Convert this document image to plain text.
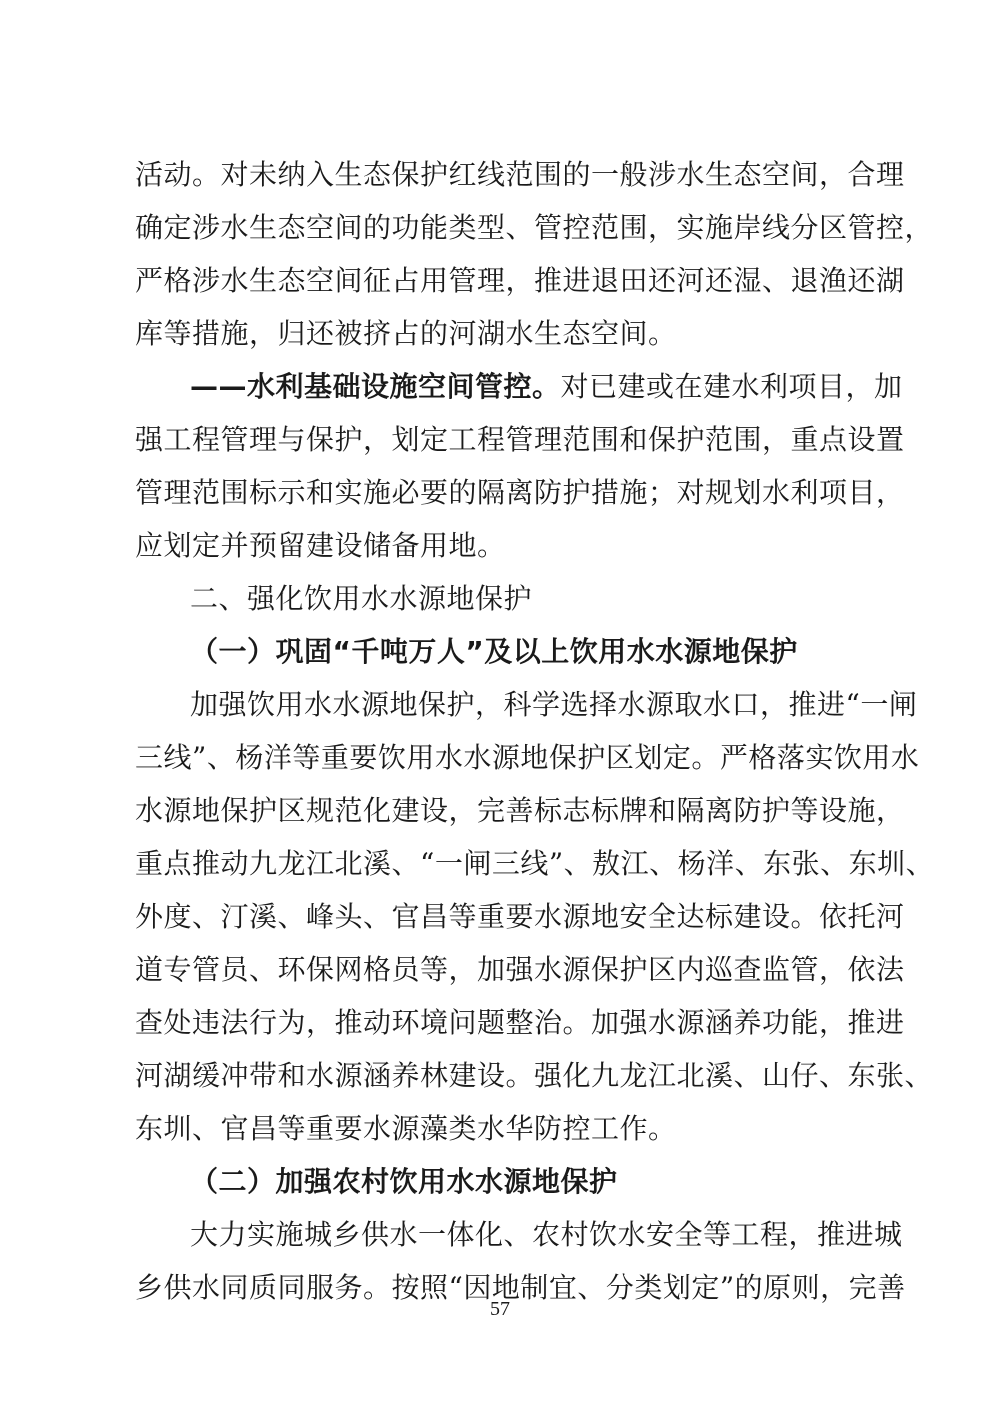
活动。对未纳入生态保护红线范围的一般涉水生态空间，合理
确定涉水生态空间的功能类型、管控范围，实施岸线分区管控，
严格涉水生态空间征占用管理，推进退田还河还湿、退渔还湖
库等措施，归还被挤占的河湖水生态空间。
——水利基础设施空间管控。对已建或在建水利项目，加
强工程管理与保护，划定工程管理范围和保护范围，重点设置
管理范围标示和实施必要的隔离防护措施；对规划水利项目，
应划定并预留建设储备用地。
二、强化饮用水水源地保护
（一）巩固“千吨万人”及以上饮用水水源地保护
加强饮用水水源地保护，科学选择水源取水口，推进“一闸
三线”、杨洋等重要饮用水水源地保护区划定。严格落实饮用水
水源地保护区规范化建设，完善标志标牌和隔离防护等设施，
重点推动九龙江北溪、“一闸三线”、敖江、杨洋、东张、东圳、
外度、汀溪、峰头、官昌等重要水源地安全达标建设。依托河
道专管员、环保网格员等，加强水源保护区内巡查监管，依法
查处违法行为，推动环境问题整治。加强水源涵养功能，推进
河湖缓冲带和水源涵养林建设。强化九龙江北溪、山仔、东张、
东圳、官昌等重要水源藻类水华防控工作。
（二）加强农村饮用水水源地保护
大力实施城乡供水一体化、农村饮水安全等工程，推进城
乡供水同质同服务。按照“因地制宜、分类划定”的原则，完善
57
